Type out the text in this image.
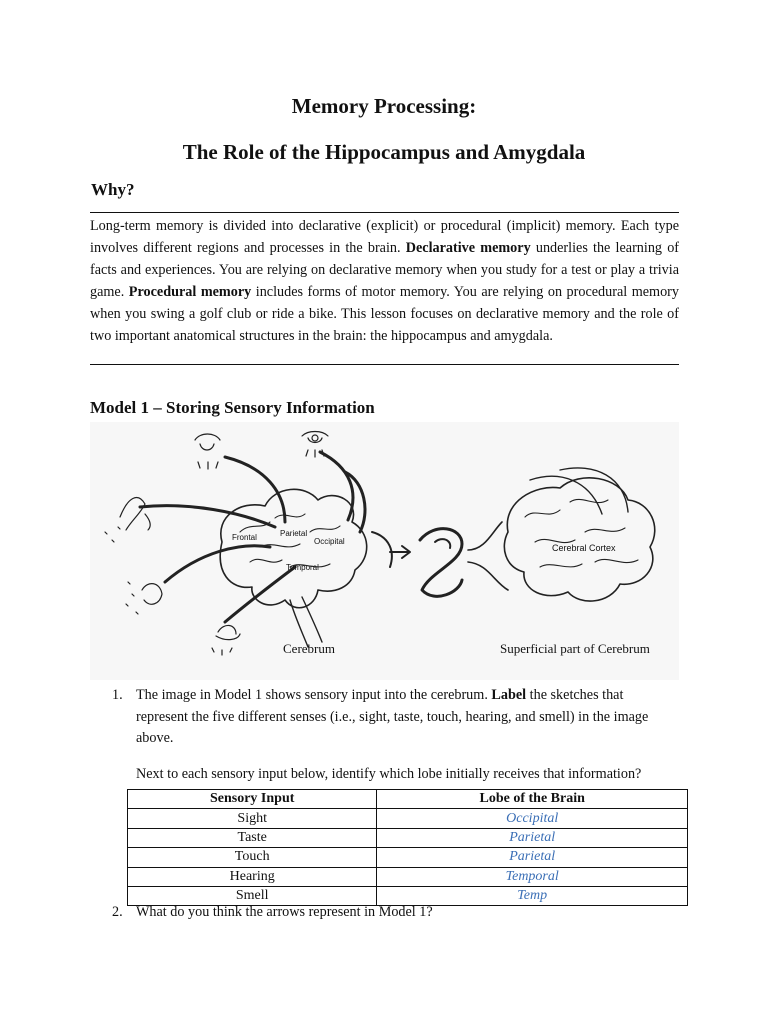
Memory Processing:
The Role of the Hippocampus and Amygdala
Why?
Long-term memory is divided into declarative (explicit) or procedural (implicit) memory. Each type involves different regions and processes in the brain. Declarative memory underlies the learning of facts and experiences. You are relying on declarative memory when you study for a test or play a trivia game. Procedural memory includes forms of motor memory. You are relying on procedural memory when you swing a golf club or ride a bike. This lesson focuses on declarative memory and the role of two important anatomical structures in the brain: the hippocampus and amygdala.
Model 1 – Storing Sensory Information
Frontal	Parietal
Occipital
Temporal
Cerebral Cortex
Cerebrum	Superficial part of Cerebrum
1. The image in Model 1 shows sensory input into the cerebrum. Label the sketches that represent the five different senses (i.e., sight, taste, touch, hearing, and smell) in the image above.
Next to each sensory input below, identify which lobe initially receives that information?
Sensory Input	Lobe of the Brain
Sight	Occipital
Taste	Parietal
Touch	Parietal
Hearing	Temporal
Smell	Temp
2. What do you think the arrows represent in Model 1?
